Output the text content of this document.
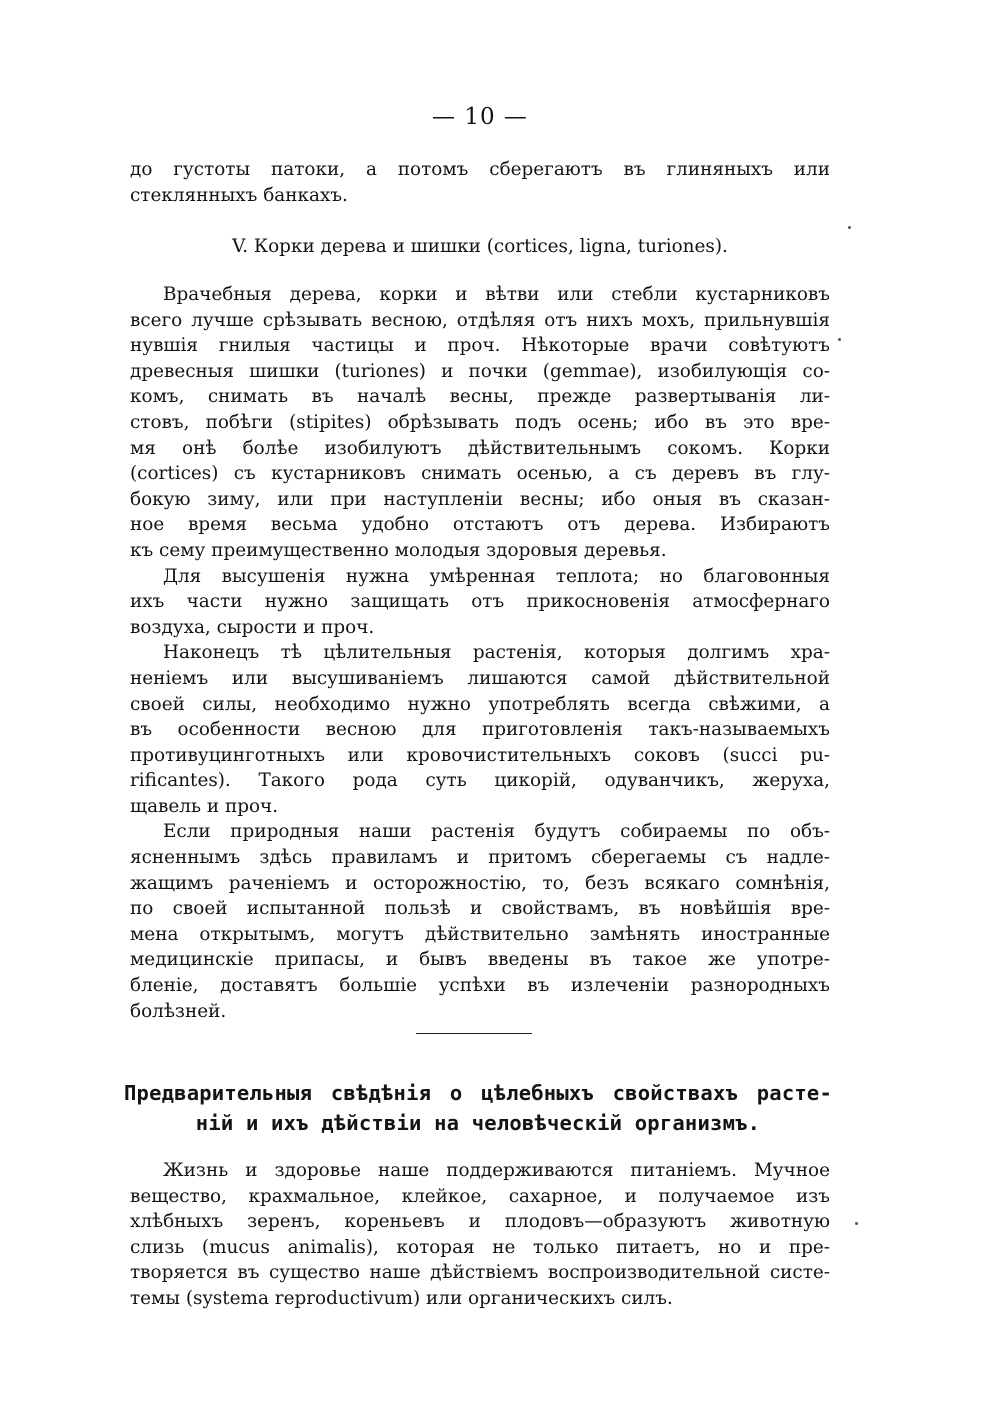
— 10 —
до густоты патоки, а потомъ сберегаютъ въ глиняныхъ или
стеклянныхъ банкахъ.
V. Корки дерева и шишки (cortices, ligna, turiones).
Врачебныя дерева, корки и вѣтви или стебли кустарниковъ
всего лучше срѣзывать весною, отдѣляя отъ нихъ мохъ, прильнувшія
нувшія гнилыя частицы и проч. Нѣкоторые врачи совѣтуютъ
древесныя шишки (turiones) и почки (gemmae), изобилующія со-
комъ, снимать въ началѣ весны, прежде развертыванія ли-
стовъ, побѣги (stipites) обрѣзывать подъ осень; ибо въ это вре-
мя онѣ болѣе изобилуютъ дѣйствительнымъ сокомъ. Корки
(cortices) съ кустарниковъ снимать осенью, а съ деревъ въ глу-
бокую зиму, или при наступленіи весны; ибо оныя въ сказан-
ное время весьма удобно отстаютъ отъ дерева. Избираютъ
къ сему преимущественно молодыя здоровыя деревья.
Для высушенія нужна умѣренная теплота; но благовонныя
ихъ части нужно защищать отъ прикосновенія атмосфернаго
воздуха, сырости и проч.
Наконецъ тѣ цѣлительныя растенія, которыя долгимъ хра-
неніемъ или высушиваніемъ лишаются самой дѣйствительной
своей силы, необходимо нужно употреблять всегда свѣжими, а
въ особенности весною для приготовленія такъ-называемыхъ
противуцинготныхъ или кровочистительныхъ соковъ (succi pu-
rificantes). Такого рода суть цикорій, одуванчикъ, жеруха,
щавель и проч.
Если природныя наши растенія будутъ собираемы по объ-
ясненнымъ здѣсь правиламъ и притомъ сберегаемы съ надле-
жащимъ раченіемъ и осторожностію, то, безъ всякаго сомнѣнія,
по своей испытанной пользѣ и свойствамъ, въ новѣйшія вре-
мена открытымъ, могутъ дѣйствительно замѣнять иностранные
медицинскіе припасы, и бывъ введены въ такое же употре-
бленіе, доставятъ большіе успѣхи въ излеченіи разнородныхъ
болѣзней.
Предварительныя свѣдѣнія о цѣлебныхъ свойствахъ расте-
ній и ихъ дѣйствіи на человѣческій организмъ.
Жизнь и здоровье наше поддерживаются питаніемъ. Мучное
вещество, крахмальное, клейкое, сахарное, и получаемое изъ
хлѣбныхъ зеренъ, кореньевъ и плодовъ—образуютъ животную
слизь (mucus animalis), которая не только питаетъ, но и пре-
творяется въ существо наше дѣйствіемъ воспроизводительной систе-
темы (systema reproductivum) или органическихъ силъ.
